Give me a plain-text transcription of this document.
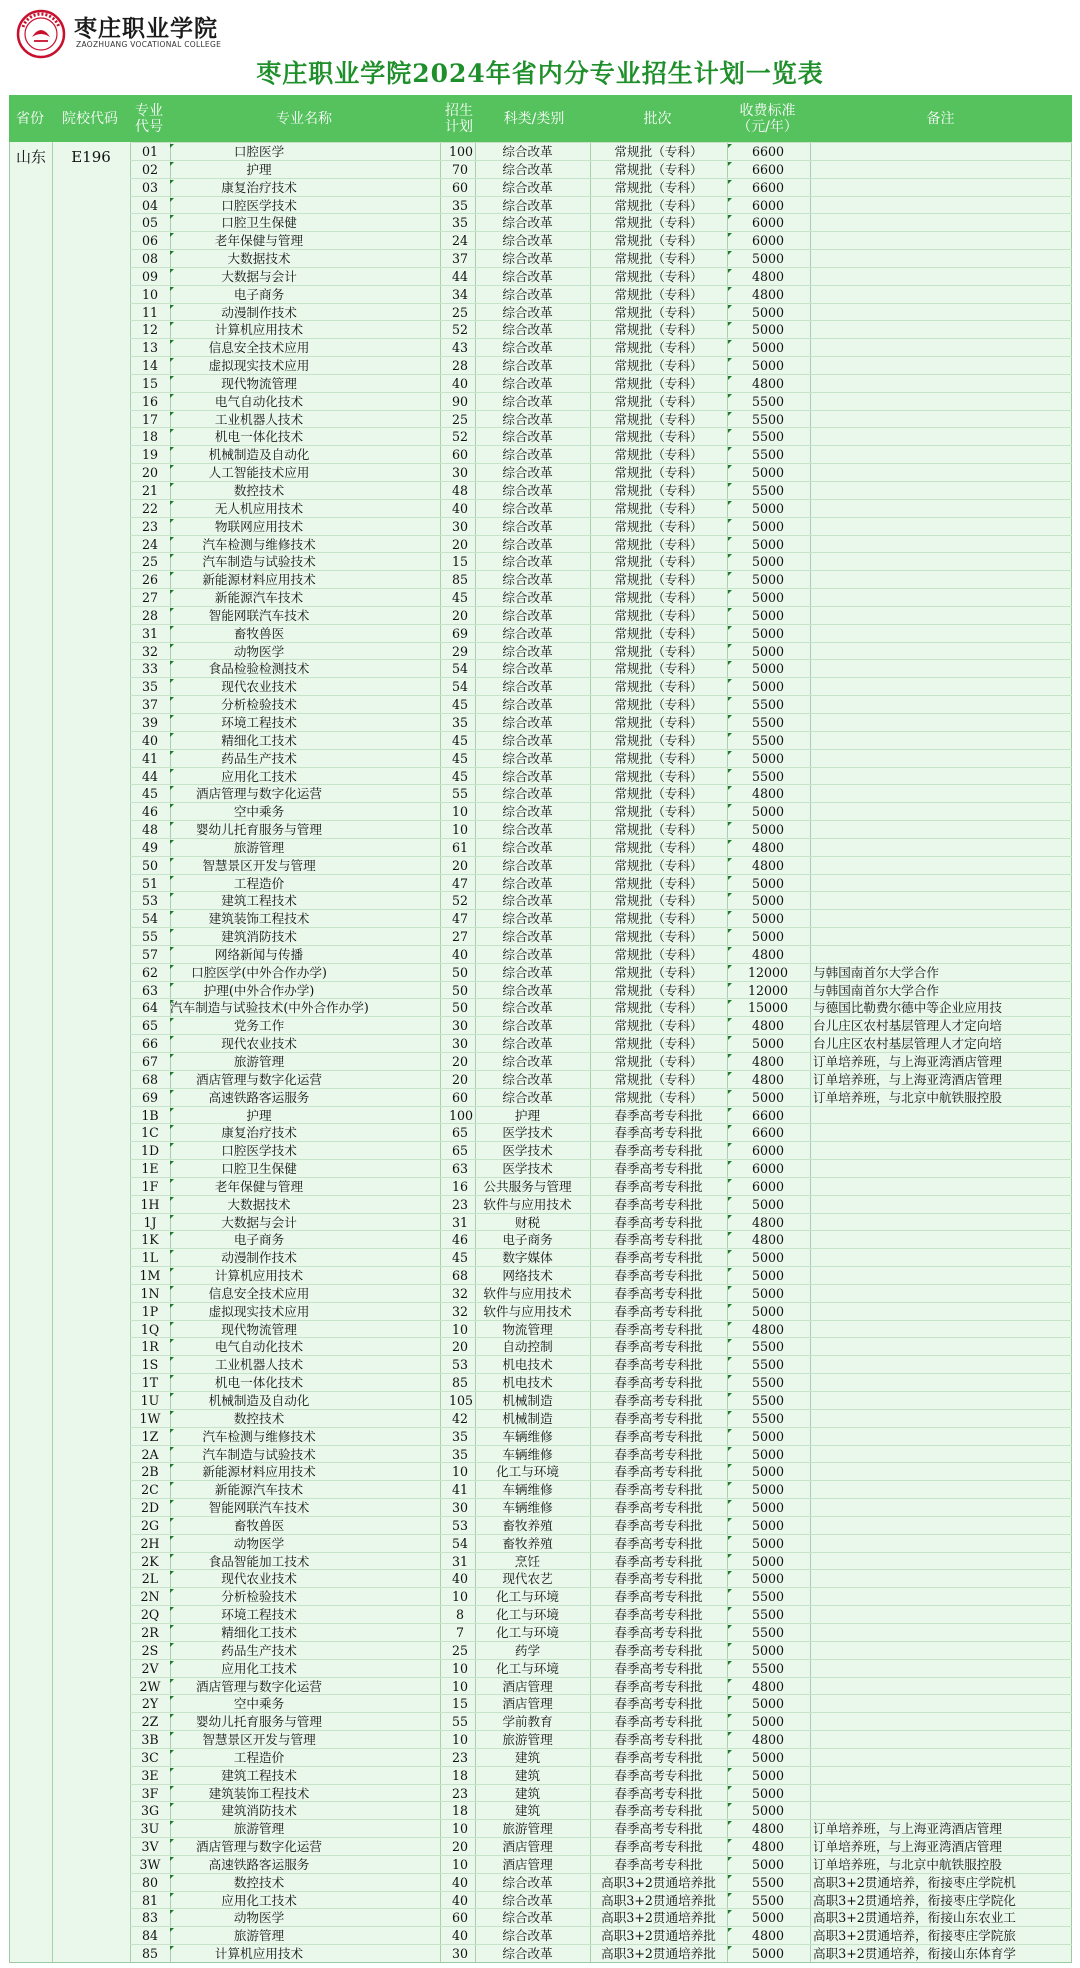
枣庄职业学院
ZAOZHUANG VOCATIONAL COLLEGE
枣庄职业学院2024年省内分专业招生计划一览表
省份	院校代码	专业
代号	专业名称	招生
计划	科类/类别	批次	收费标准
（元/年）	备注
山东	E196	01	口腔医学	100	综合改革	常规批（专科）	6600
02	护理	70	综合改革	常规批（专科）	6600
03	康复治疗技术	60	综合改革	常规批（专科）	6600
04	口腔医学技术	35	综合改革	常规批（专科）	6000
05	口腔卫生保健	35	综合改革	常规批（专科）	6000
06	老年保健与管理	24	综合改革	常规批（专科）	6000
08	大数据技术	37	综合改革	常规批（专科）	5000
09	大数据与会计	44	综合改革	常规批（专科）	4800
10	电子商务	34	综合改革	常规批（专科）	4800
11	动漫制作技术	25	综合改革	常规批（专科）	5000
12	计算机应用技术	52	综合改革	常规批（专科）	5000
13	信息安全技术应用	43	综合改革	常规批（专科）	5000
14	虚拟现实技术应用	28	综合改革	常规批（专科）	5000
15	现代物流管理	40	综合改革	常规批（专科）	4800
16	电气自动化技术	90	综合改革	常规批（专科）	5500
17	工业机器人技术	25	综合改革	常规批（专科）	5500
18	机电一体化技术	52	综合改革	常规批（专科）	5500
19	机械制造及自动化	60	综合改革	常规批（专科）	5500
20	人工智能技术应用	30	综合改革	常规批（专科）	5000
21	数控技术	48	综合改革	常规批（专科）	5500
22	无人机应用技术	40	综合改革	常规批（专科）	5000
23	物联网应用技术	30	综合改革	常规批（专科）	5000
24	汽车检测与维修技术	20	综合改革	常规批（专科）	5000
25	汽车制造与试验技术	15	综合改革	常规批（专科）	5000
26	新能源材料应用技术	85	综合改革	常规批（专科）	5000
27	新能源汽车技术	45	综合改革	常规批（专科）	5000
28	智能网联汽车技术	20	综合改革	常规批（专科）	5000
31	畜牧兽医	69	综合改革	常规批（专科）	5000
32	动物医学	29	综合改革	常规批（专科）	5000
33	食品检验检测技术	54	综合改革	常规批（专科）	5000
35	现代农业技术	54	综合改革	常规批（专科）	5000
37	分析检验技术	45	综合改革	常规批（专科）	5500
39	环境工程技术	35	综合改革	常规批（专科）	5500
40	精细化工技术	45	综合改革	常规批（专科）	5500
41	药品生产技术	45	综合改革	常规批（专科）	5000
44	应用化工技术	45	综合改革	常规批（专科）	5500
45	酒店管理与数字化运营	55	综合改革	常规批（专科）	4800
46	空中乘务	10	综合改革	常规批（专科）	5000
48	婴幼儿托育服务与管理	10	综合改革	常规批（专科）	5000
49	旅游管理	61	综合改革	常规批（专科）	4800
50	智慧景区开发与管理	20	综合改革	常规批（专科）	4800
51	工程造价	47	综合改革	常规批（专科）	5000
53	建筑工程技术	52	综合改革	常规批（专科）	5000
54	建筑装饰工程技术	47	综合改革	常规批（专科）	5000
55	建筑消防技术	27	综合改革	常规批（专科）	5000
57	网络新闻与传播	40	综合改革	常规批（专科）	4800
62	口腔医学(中外合作办学)	50	综合改革	常规批（专科）	12000	与韩国南首尔大学合作
63	护理(中外合作办学)	50	综合改革	常规批（专科）	12000	与韩国南首尔大学合作
64 汽车制造与试验技术(中外合作办学)	50	综合改革	常规批（专科）	15000	与德国比勒费尔德中等企业应用技
65	党务工作	30	综合改革	常规批（专科）	4800	台儿庄区农村基层管理人才定向培
66	现代农业技术	30	综合改革	常规批（专科）	5000	台儿庄区农村基层管理人才定向培
67	旅游管理	20	综合改革	常规批（专科）	4800	订单培养班，与上海亚湾酒店管理
68	酒店管理与数字化运营	20	综合改革	常规批（专科）	4800	订单培养班，与上海亚湾酒店管理
69	高速铁路客运服务	60	综合改革	常规批（专科）	5000	订单培养班，与北京中航铁服控股
1B	护理	100	护理	春季高考专科批	6600
1C	康复治疗技术	65	医学技术	春季高考专科批	6600
1D	口腔医学技术	65	医学技术	春季高考专科批	6000
1E	口腔卫生保健	63	医学技术	春季高考专科批	6000
1F	老年保健与管理	16	公共服务与管理	春季高考专科批	6000
1H	大数据技术	23	软件与应用技术	春季高考专科批	5000
1J	大数据与会计	31	财税	春季高考专科批	4800
1K	电子商务	46	电子商务	春季高考专科批	4800
1L	动漫制作技术	45	数字媒体	春季高考专科批	5000
1M	计算机应用技术	68	网络技术	春季高考专科批	5000
1N	信息安全技术应用	32	软件与应用技术	春季高考专科批	5000
1P	虚拟现实技术应用	32	软件与应用技术	春季高考专科批	5000
1Q	现代物流管理	10	物流管理	春季高考专科批	4800
1R	电气自动化技术	20	自动控制	春季高考专科批	5500
1S	工业机器人技术	53	机电技术	春季高考专科批	5500
1T	机电一体化技术	85	机电技术	春季高考专科批	5500
1U	机械制造及自动化	105	机械制造	春季高考专科批	5500
1W	数控技术	42	机械制造	春季高考专科批	5500
1Z	汽车检测与维修技术	35	车辆维修	春季高考专科批	5000
2A	汽车制造与试验技术	35	车辆维修	春季高考专科批	5000
2B	新能源材料应用技术	10	化工与环境	春季高考专科批	5000
2C	新能源汽车技术	41	车辆维修	春季高考专科批	5000
2D	智能网联汽车技术	30	车辆维修	春季高考专科批	5000
2G	畜牧兽医	53	畜牧养殖	春季高考专科批	5000
2H	动物医学	54	畜牧养殖	春季高考专科批	5000
2K	食品智能加工技术	31	烹饪	春季高考专科批	5000
2L	现代农业技术	40	现代农艺	春季高考专科批	5000
2N	分析检验技术	10	化工与环境	春季高考专科批	5500
2Q	环境工程技术	8	化工与环境	春季高考专科批	5500
2R	精细化工技术	7	化工与环境	春季高考专科批	5500
2S	药品生产技术	25	药学	春季高考专科批	5000
2V	应用化工技术	10	化工与环境	春季高考专科批	5500
2W	酒店管理与数字化运营	10	酒店管理	春季高考专科批	4800
2Y	空中乘务	15	酒店管理	春季高考专科批	5000
2Z	婴幼儿托育服务与管理	55	学前教育	春季高考专科批	5000
3B	智慧景区开发与管理	10	旅游管理	春季高考专科批	4800
3C	工程造价	23	建筑	春季高考专科批	5000
3E	建筑工程技术	18	建筑	春季高考专科批	5000
3F	建筑装饰工程技术	23	建筑	春季高考专科批	5000
3G	建筑消防技术	18	建筑	春季高考专科批	5000
3U	旅游管理	10	旅游管理	春季高考专科批	4800	订单培养班，与上海亚湾酒店管理
3V	酒店管理与数字化运营	20	酒店管理	春季高考专科批	4800	订单培养班，与上海亚湾酒店管理
3W	高速铁路客运服务	10	酒店管理	春季高考专科批	5000	订单培养班，与北京中航铁服控股
80	数控技术	40	综合改革	高职3+2贯通培养批	5500	高职3+2贯通培养，衔接枣庄学院机
81	应用化工技术	40	综合改革	高职3+2贯通培养批	5500	高职3+2贯通培养，衔接枣庄学院化
83	动物医学	60	综合改革	高职3+2贯通培养批	5000	高职3+2贯通培养，衔接山东农业工
84	旅游管理	40	综合改革	高职3+2贯通培养批	4800	高职3+2贯通培养，衔接枣庄学院旅
85	计算机应用技术	30	综合改革	高职3+2贯通培养批	5000	高职3+2贯通培养，衔接山东体育学
